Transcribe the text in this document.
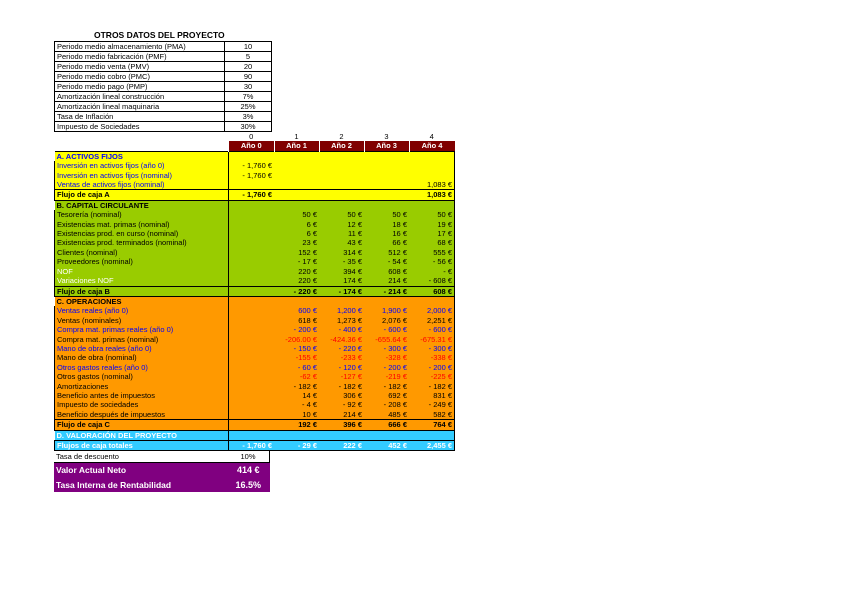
OTROS DATOS DEL PROYECTO
Periodo medio almacenamiento (PMA)	10
Periodo medio fabricación (PMF)	5
Periodo medio venta (PMV)	20
Periodo medio cobro (PMC)	90
Periodo medio pago (PMP)	30
Amortización lineal construcción	7%
Amortización lineal maquinaria	25%
Tasa de Inflación	3%
Impuesto de Sociedades	30%
	0	1	2	3	4
	Año 0	Año 1	Año 2	Año 3	Año 4
A. ACTIVOS FIJOS					
Inversión en activos fijos (año 0)	- 1,760 €				
Inversión en activos fijos (nominal)	- 1,760 €				
Ventas de activos fijos (nominal)					1,083 €
Flujo de caja A	- 1,760 €				1,083 €
B. CAPITAL CIRCULANTE					
Tesorería (nominal)		50 €	50 €	50 €	50 €
Existencias mat. primas (nominal)		6 €	12 €	18 €	19 €
Existencias prod. en curso (nominal)		6 €	11 €	16 €	17 €
Existencias prod. terminados (nominal)		23 €	43 €	66 €	68 €
Clientes (nominal)		152 €	314 €	512 €	555 €
Proveedores (nominal)		- 17 €	- 35 €	- 54 €	- 56 €
NOF		220 €	394 €	608 €	- €
Variaciones NOF		220 €	174 €	214 €	- 608 €
Flujo de caja B		- 220 €	- 174 €	- 214 €	608 €
C. OPERACIONES					
Ventas reales (año 0)		600 €	1,200 €	1,900 €	2,000 €
Ventas (nominales)		618 €	1,273 €	2,076 €	2,251 €
Compra mat. primas reales (año 0)		- 200 €	- 400 €	- 600 €	- 600 €
Compra mat. primas (nominal)		-206.00 €	-424.36 €	-655.64 €	-675.31 €
Mano de obra reales (año 0)		- 150 €	- 220 €	- 300 €	- 300 €
Mano de obra (nominal)		-155 €	-233 €	-328 €	-338 €
Otros gastos reales (año 0)		- 60 €	- 120 €	- 200 €	- 200 €
Otros gastos (nominal)		-62 €	-127 €	-219 €	-225 €
Amortizaciones		- 182 €	- 182 €	- 182 €	- 182 €
Beneficio antes de impuestos		14 €	306 €	692 €	831 €
Impuesto de sociedades		- 4 €	- 92 €	- 208 €	- 249 €
Beneficio después de impuestos		10 €	214 €	485 €	582 €
Flujo de caja C		192 €	396 €	666 €	764 €
D. VALORACIÓN DEL PROYECTO					
Flujos de caja totales	- 1,760 €	- 29 €	222 €	452 €	2,455 €
Tasa de descuento	10%
Valor Actual Neto	414 €
Tasa Interna de Rentabilidad	16.5%
